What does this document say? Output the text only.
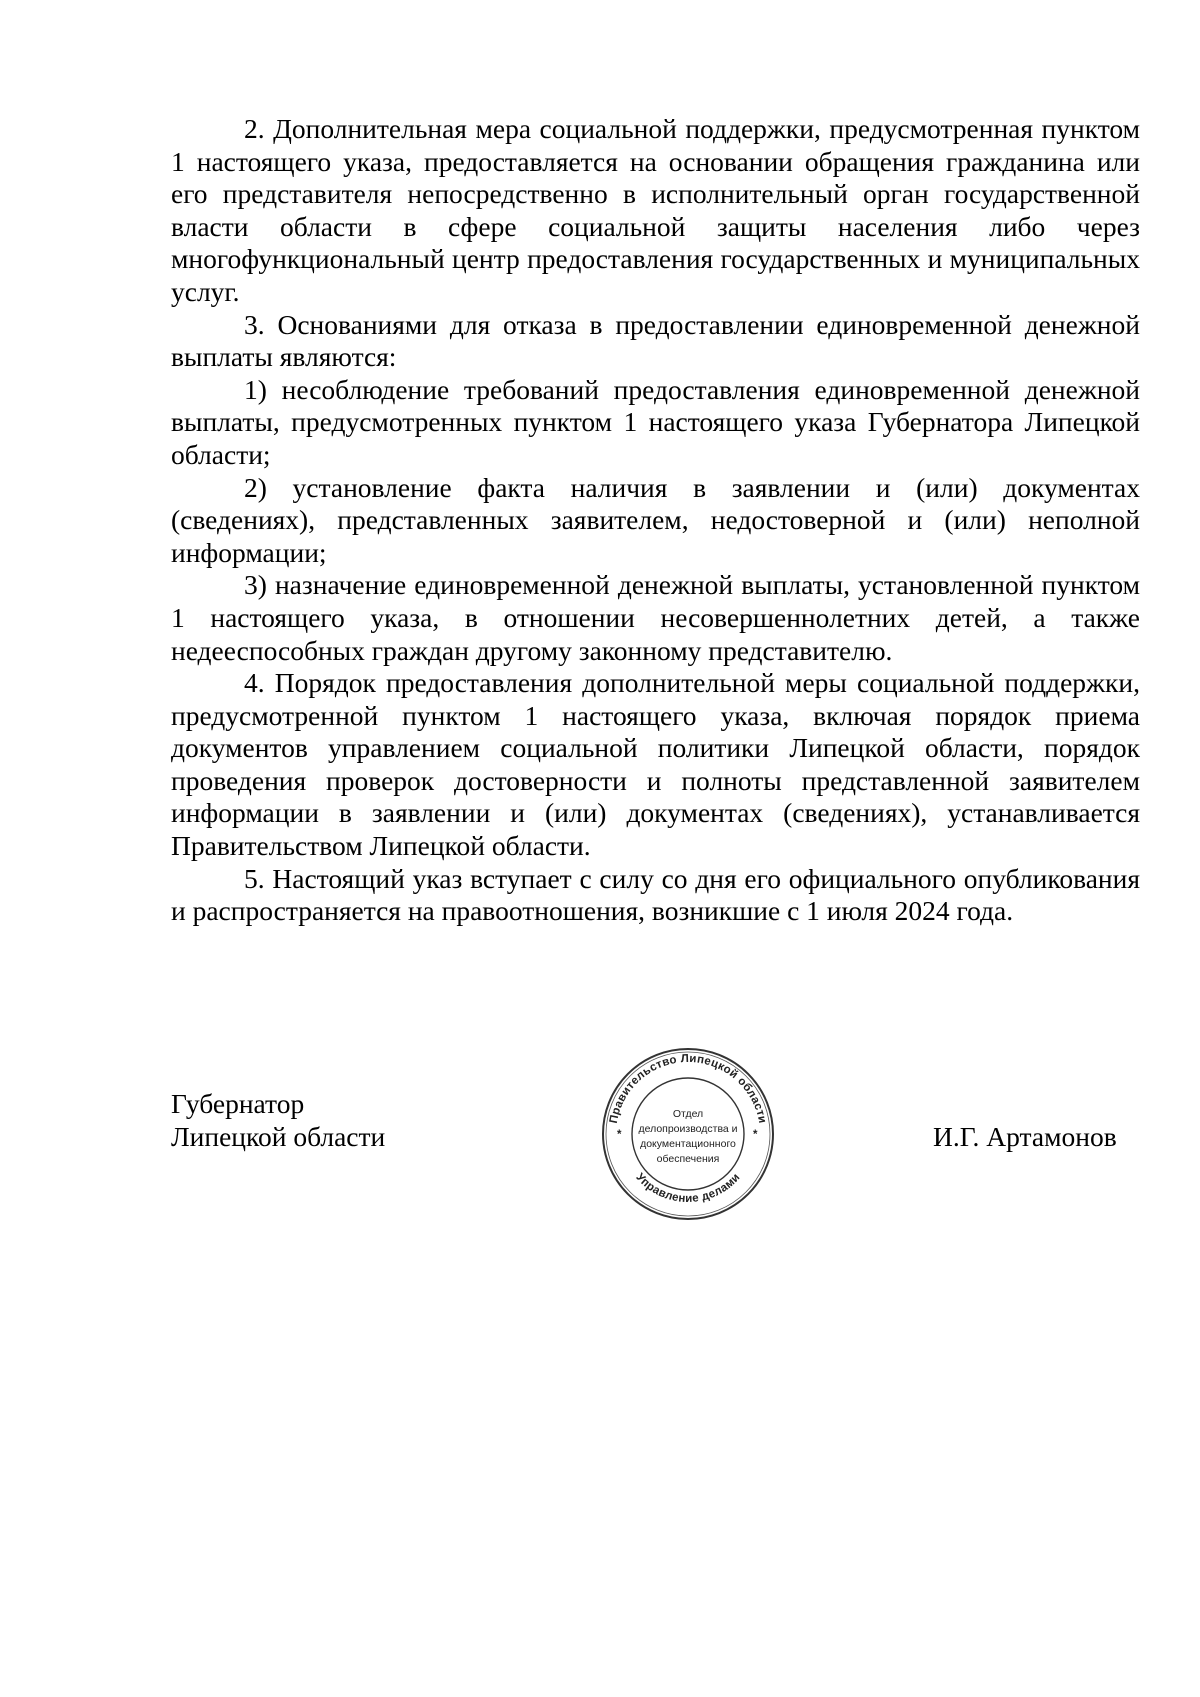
2. Дополнительная мера социальной поддержки, предусмотренная пунктом 1 настоящего указа, предоставляется на основании обращения гражданина или его представителя непосредственно в исполнительный орган государственной власти области в сфере социальной защиты населения либо через многофункциональный центр предоставления государственных и муниципальных услуг.

3. Основаниями для отказа в предоставлении единовременной денежной выплаты являются:

1) несоблюдение требований предоставления единовременной денежной выплаты, предусмотренных пунктом 1 настоящего указа Губернатора Липецкой области;

2) установление факта наличия в заявлении и (или) документах (сведениях), представленных заявителем, недостоверной и (или) неполной информации;

3) назначение единовременной денежной выплаты, установленной пунктом 1 настоящего указа, в отношении несовершеннолетних детей, а также недееспособных граждан другому законному представителю.

4. Порядок предоставления дополнительной меры социальной поддержки, предусмотренной пунктом 1 настоящего указа, включая порядок приема документов управлением социальной политики Липецкой области, порядок проведения проверок достоверности и полноты представленной заявителем информации в заявлении и (или) документах (сведениях), устанавливается Правительством Липецкой области.

5. Настоящий указ вступает с силу со дня его официального опубликования и распространяется на правоотношения, возникшие с 1 июля 2024 года.

Губернатор
Липецкой области	И.Г. Артамонов
Правительство Липецкой области
Управление делами
*	*
Отдел
делопроизводства и
документационного
обеспечения
